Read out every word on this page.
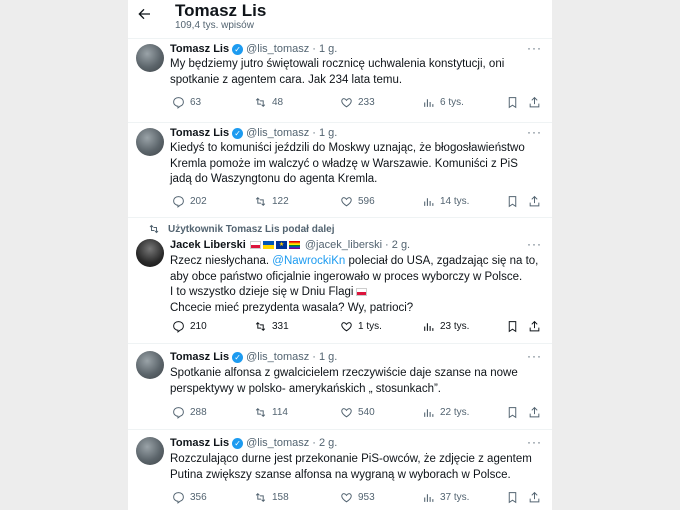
Tomasz Lis
109,4 tys. wpisów
Tomasz Lis ✓ @lis_tomasz · 1 g.	···
My będziemy jutro świętowali rocznicę uchwalenia konstytucji, oni spotkanie z agentem cara. Jak 234 lata temu.
63	48	233	6 tys.
Tomasz Lis ✓ @lis_tomasz · 1 g.	···
Kiedyś to komuniści jeździli do Moskwy uznając, że błogosławieństwo Kremla pomoże im walczyć o władzę w Warszawie. Komuniści z PiS jadą do Waszyngtonu do agenta Kremla.
202	122	596	14 tys.
Użytkownik Tomasz Lis podał dalej
Jacek Liberski
★	@jacek_liberski · 2 g.	···
Rzecz niesłychana. @NawrockiKn poleciał do USA, zgadzając się na to, aby obce państwo oficjalnie ingerowało w proces wyborczy w Polsce.
I to wszystko dzieje się w Dniu Flagi
Chcecie mieć prezydenta wasala? Wy, patrioci?
210	331	1 tys.	23 tys.
Tomasz Lis ✓ @lis_tomasz · 1 g.	···
Spotkanie alfonsa z gwalcicielem rzeczywiście daje szanse na nowe perspektywy w polsko- amerykańskich „ stosunkach”.
288	114	540	22 tys.
Tomasz Lis ✓ @lis_tomasz · 2 g.	···
Rozczulająco durne jest przekonanie PiS-owców, że zdjęcie z agentem Putina zwiększy szanse alfonsa na wygraną w wyborach w Polsce.
356	158	953	37 tys.
